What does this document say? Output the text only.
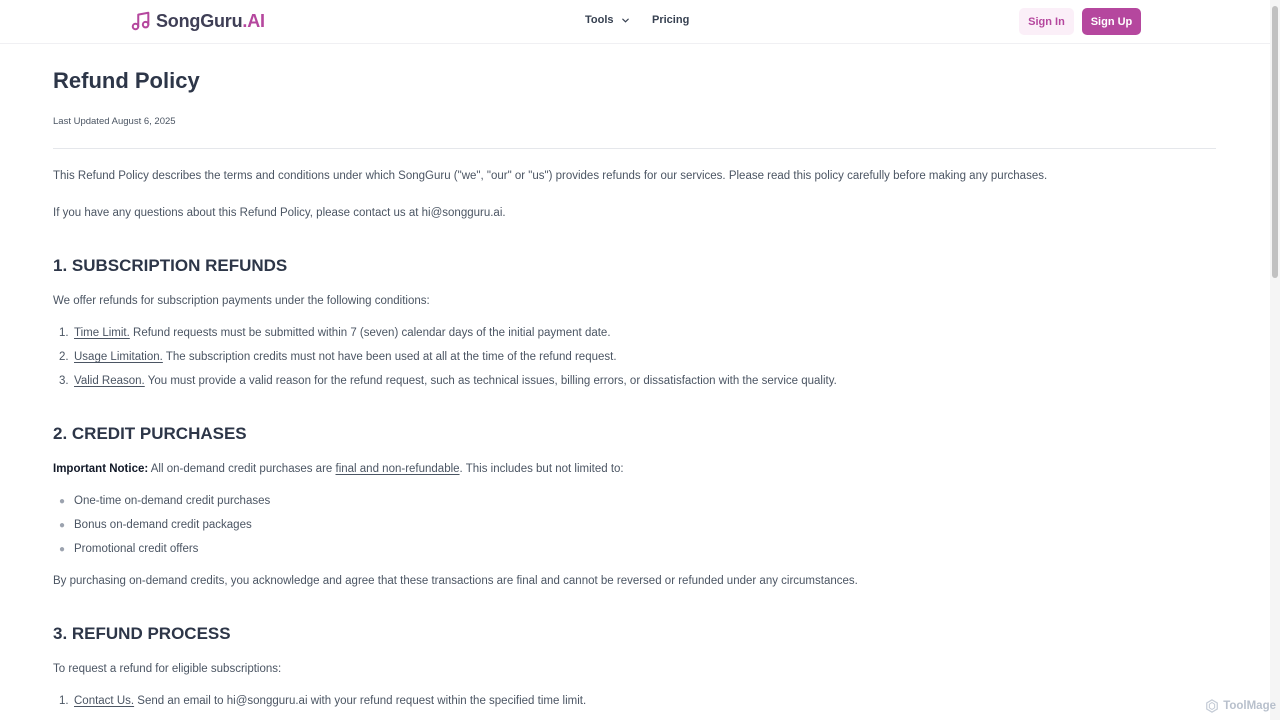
SongGuru.AI	Tools	Pricing	Sign In	Sign Up
Refund Policy
Last Updated August 6, 2025

This Refund Policy describes the terms and conditions under which SongGuru ("we", "our" or "us") provides refunds for our services. Please read this policy carefully before making any purchases.

If you have any questions about this Refund Policy, please contact us at hi@songguru.ai.

1. SUBSCRIPTION REFUNDS

We offer refunds for subscription payments under the following conditions:

1. Time Limit. Refund requests must be submitted within 7 (seven) calendar days of the initial payment date.
2. Usage Limitation. The subscription credits must not have been used at all at the time of the refund request.
3. Valid Reason. You must provide a valid reason for the refund request, such as technical issues, billing errors, or dissatisfaction with the service quality.
2. CREDIT PURCHASES

Important Notice: All on-demand credit purchases are final and non-refundable. This includes but not limited to:

● One-time on-demand credit purchases
● Bonus on-demand credit packages
● Promotional credit offers

By purchasing on-demand credits, you acknowledge and agree that these transactions are final and cannot be reversed or refunded under any circumstances.

3. REFUND PROCESS

To request a refund for eligible subscriptions:

1. Contact Us. Send an email to hi@songguru.ai with your refund request within the specified time limit.	ToolMage
